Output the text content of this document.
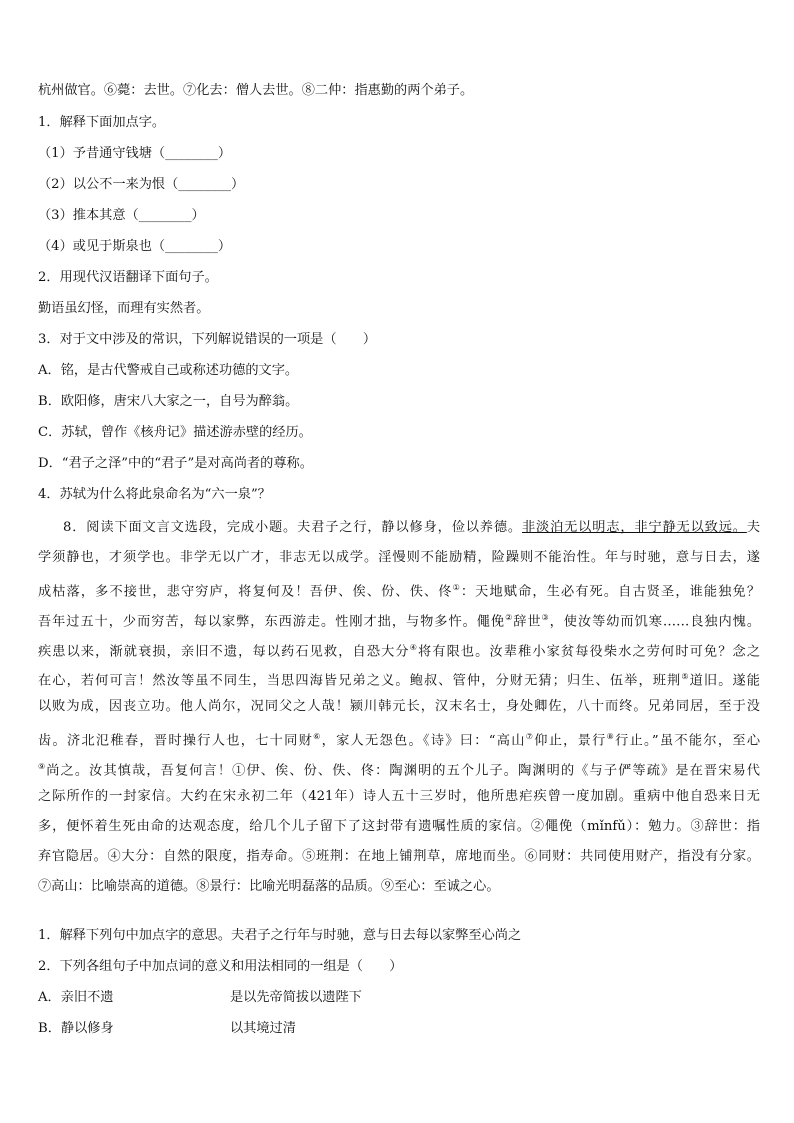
杭州做官。⑥薨：去世。⑦化去：僧人去世。⑧二仲：指惠勤的两个弟子。
1．解释下面加点字。
（1）予昔通守钱塘（________）
（2）以公不一来为恨（________）
（3）推本其意（________）
（4）或见于斯泉也（________）
2．用现代汉语翻译下面句子。
勤语虽幻怪，而理有实然者。
3．对于文中涉及的常识，下列解说错误的一项是（　　）
A．铭，是古代警戒自己或称述功德的文字。
B．欧阳修，唐宋八大家之一，自号为醉翁。
C．苏轼，曾作《核舟记》描述游赤壁的经历。
D．“君子之泽”中的“君子”是对高尚者的尊称。
4．苏轼为什么将此泉命名为“六一泉”？
8．阅读下面文言文选段，完成小题。夫君子之行，静以修身，俭以养德。非淡泊无以明志，非宁静无以致远。夫
学须静也，才须学也。非学无以广才，非志无以成学。淫慢则不能励精，险躁则不能治性。年与时驰，意与日去，遂
成枯落，多不接世，悲守穷庐，将复何及！吾伊、俟、份、佚、佟①：天地赋命，生必有死。自古贤圣，谁能独免？
吾年过五十，少而穷苦，每以家弊，东西游走。性刚才拙，与物多忤。僶俛②辞世③，使汝等幼而饥寒……良独内愧。
疾患以来，渐就衰损，亲旧不遗，每以药石见救，自恐大分④将有限也。汝辈稚小家贫每役柴水之劳何时可免？念之
在心，若何可言！然汝等虽不同生，当思四海皆兄弟之义。鲍叔、管仲，分财无猜；归生、伍举，班荆⑤道旧。遂能
以败为成，因丧立功。他人尚尔，况同父之人哉！颍川韩元长，汉末名士，身处卿佐，八十而终。兄弟同居，至于没
齿。济北氾稚春，晋时操行人也，七十同财⑥，家人无怨色。《诗》曰：“高山⑦仰止，景行⑧行止。”虽不能尔，至心
⑨尚之。汝其慎哉，吾复何言！①伊、俟、份、佚、佟：陶渊明的五个儿子。陶渊明的《与子俨等疏》是在晋宋易代
之际所作的一封家信。大约在宋永初二年（421年）诗人五十三岁时，他所患疟疾曾一度加剧。重病中他自恐来日无
多，便怀着生死由命的达观态度，给几个儿子留下了这封带有遗嘱性质的家信。②僶俛（mǐnfǔ）：勉力。③辞世：指
弃官隐居。④大分：自然的限度，指寿命。⑤班荆：在地上铺荆草，席地而坐。⑥同财：共同使用财产，指没有分家。
⑦高山：比喻崇高的道德。⑧景行：比喻光明磊落的品质。⑨至心：至诚之心。
1．解释下列句中加点字的意思。夫君子之行年与时驰，意与日去每以家弊至心尚之
2．下列各组句子中加点词的意义和用法相同的一组是（　　）
A．亲旧不遗	是以先帝简拔以遗陛下
B．静以修身	以其境过清
